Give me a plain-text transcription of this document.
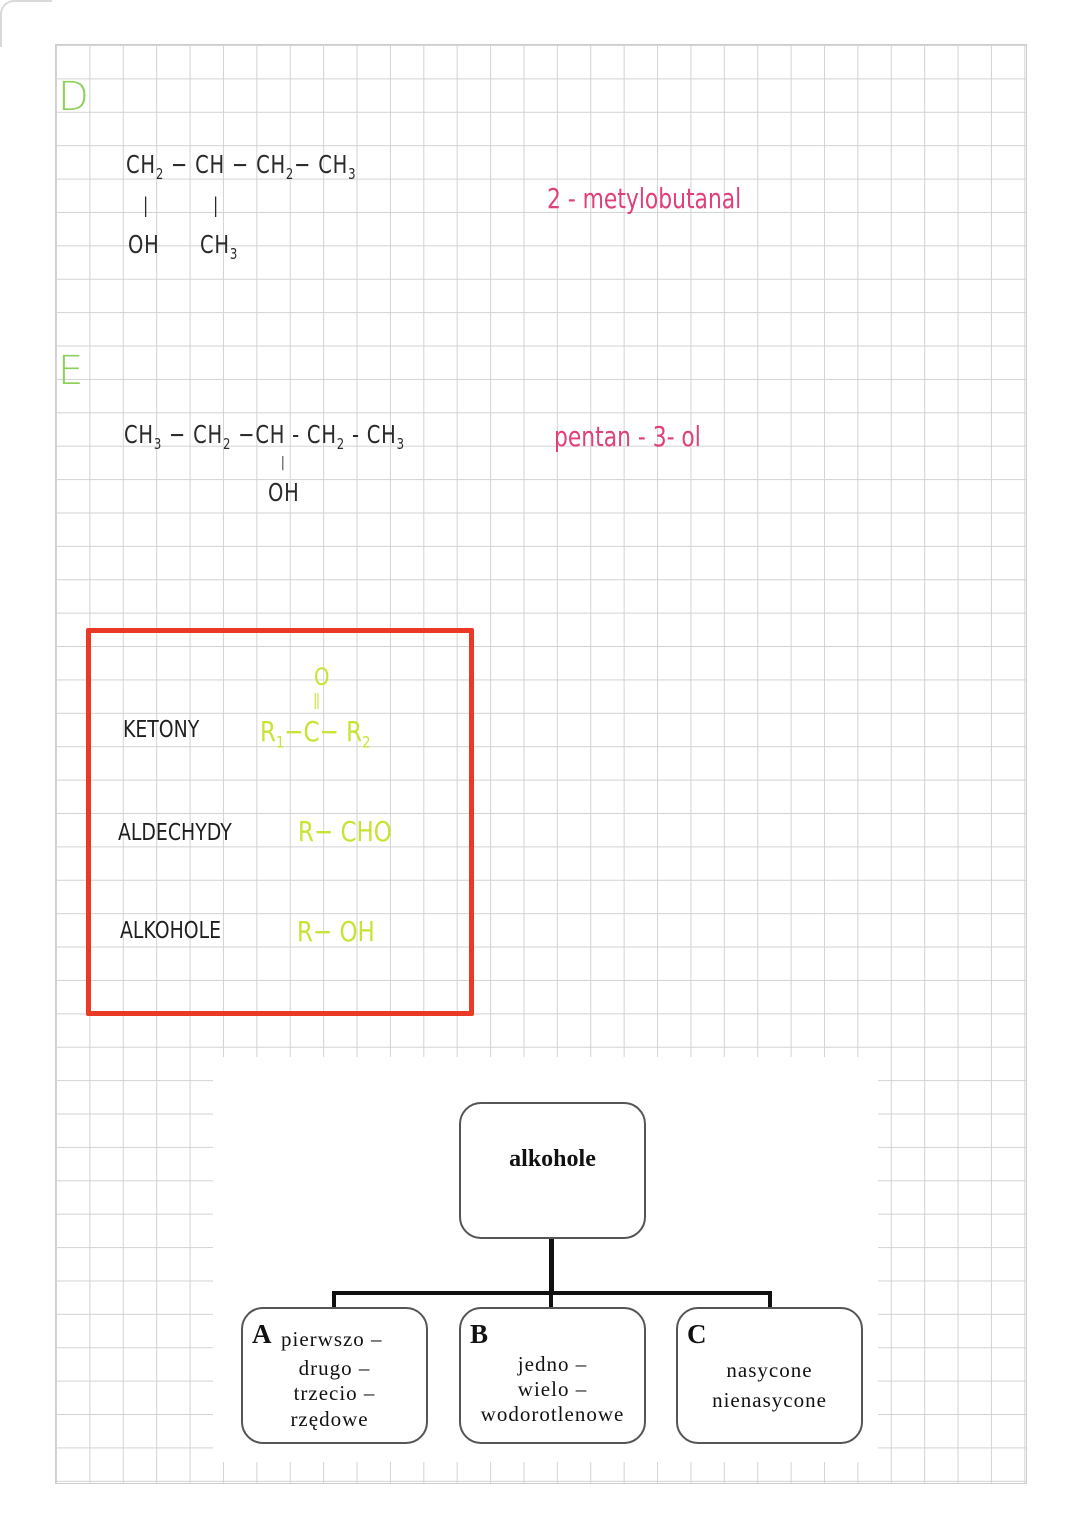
D
$CH_2$ − CH − $CH_2- CH_3$
|	|
OH $CH_3$
2 - metylobutanal
E
$CH_3 - CH_2 -CH - CH_2 - CH_3$
|
OH
pentan - 3- ol
KETONY
O
||
$R_1-C- R_2$
ALDECHYDY R− CHO
ALKOHOLE	R− OH
alkohole
A pierwszo –
drugo –
trzecio –
rzędowe
B
jedno –
wielo –
wodorotlenowe
C
nasycone
nienasycone
